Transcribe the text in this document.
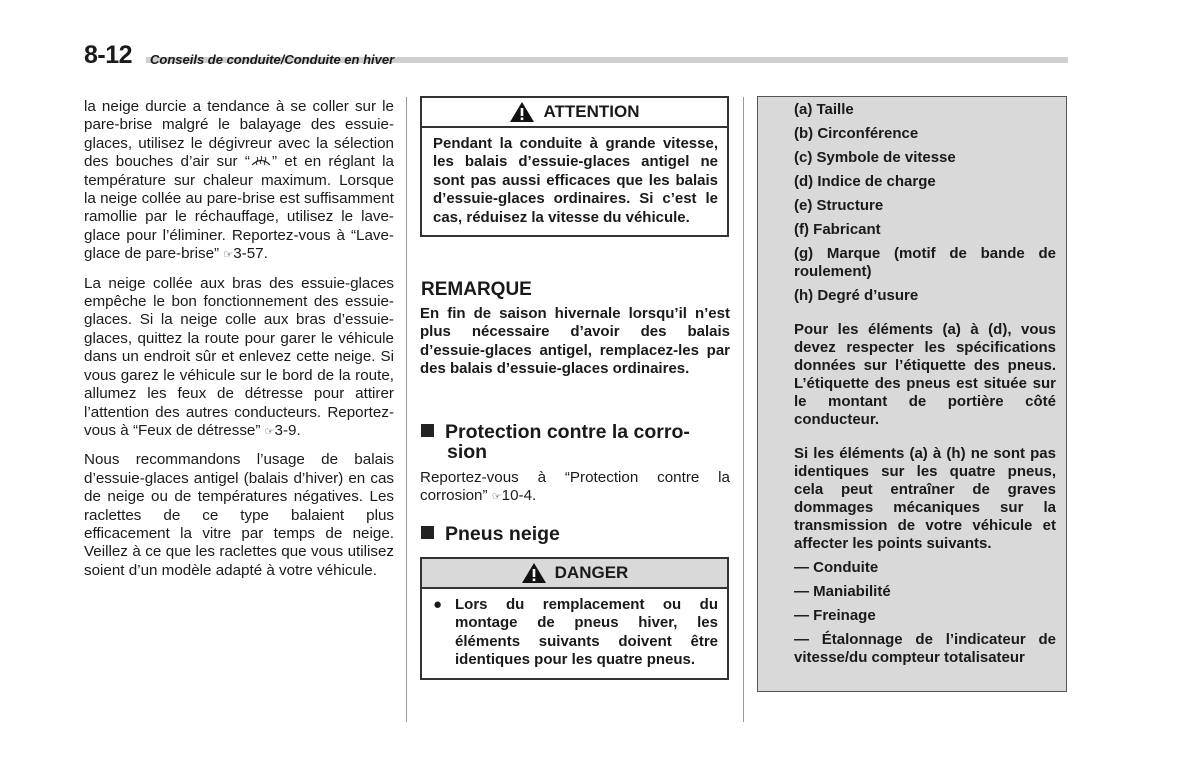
8-12 Conseils de conduite/Conduite en hiver

la neige durcie a tendance à se coller sur le pare-brise malgré le balayage des essuie-glaces, utilisez le dégivreur avec la sélection des bouches d’air sur “ ” et en réglant la température sur chaleur maximum. Lorsque la neige collée au pare-brise est suffisamment ramollie par le réchauffage, utilisez le lave-glace pour l’éliminer. Reportez-vous à “Lave-glace de pare-brise” ☞3-57.

La neige collée aux bras des essuie-glaces empêche le bon fonctionnement des essuie-glaces. Si la neige colle aux bras d’essuie-glaces, quittez la route pour garer le véhicule dans un endroit sûr et enlevez cette neige. Si vous garez le véhicule sur le bord de la route, allumez les feux de détresse pour attirer l’attention des autres conducteurs. Reportez-vous à “Feux de détresse” ☞3-9.

Nous recommandons l’usage de balais d’essuie-glaces antigel (balais d’hiver) en cas de neige ou de températures négatives. Les raclettes de ce type balaient plus efficacement la vitre par temps de neige. Veillez à ce que les raclettes que vous utilisez soient d’un modèle adapté à votre véhicule.

ATTENTION
Pendant la conduite à grande vitesse, les balais d’essuie-glaces antigel ne sont pas aussi efficaces que les balais d’essuie-glaces ordinaires. Si c’est le cas, réduisez la vitesse du véhicule.
REMARQUE
En fin de saison hivernale lorsqu’il n’est plus nécessaire d’avoir des balais d’essuie-glaces antigel, remplacez-les par des balais d’essuie-glaces ordinaires.
Protection contre la corro-
sion
Reportez-vous à “Protection contre la corrosion” ☞10-4.
Pneus neige
DANGER
● Lors du remplacement ou du montage de pneus hiver, les éléments suivants doivent être identiques pour les quatre pneus.

(a) Taille

(b) Circonférence

(c) Symbole de vitesse

(d) Indice de charge

(e) Structure

(f) Fabricant

(g) Marque (motif de bande de roulement)

(h) Degré d’usure

Pour les éléments (a) à (d), vous devez respecter les spécifications données sur l’étiquette des pneus. L’étiquette des pneus est située sur le montant de portière côté conducteur.

Si les éléments (a) à (h) ne sont pas identiques sur les quatre pneus, cela peut entraîner de graves dommages mécaniques sur la transmission de votre véhicule et affecter les points suivants.

— Conduite

— Maniabilité

— Freinage

— Étalonnage de l’indicateur de vitesse/du compteur totalisateur
